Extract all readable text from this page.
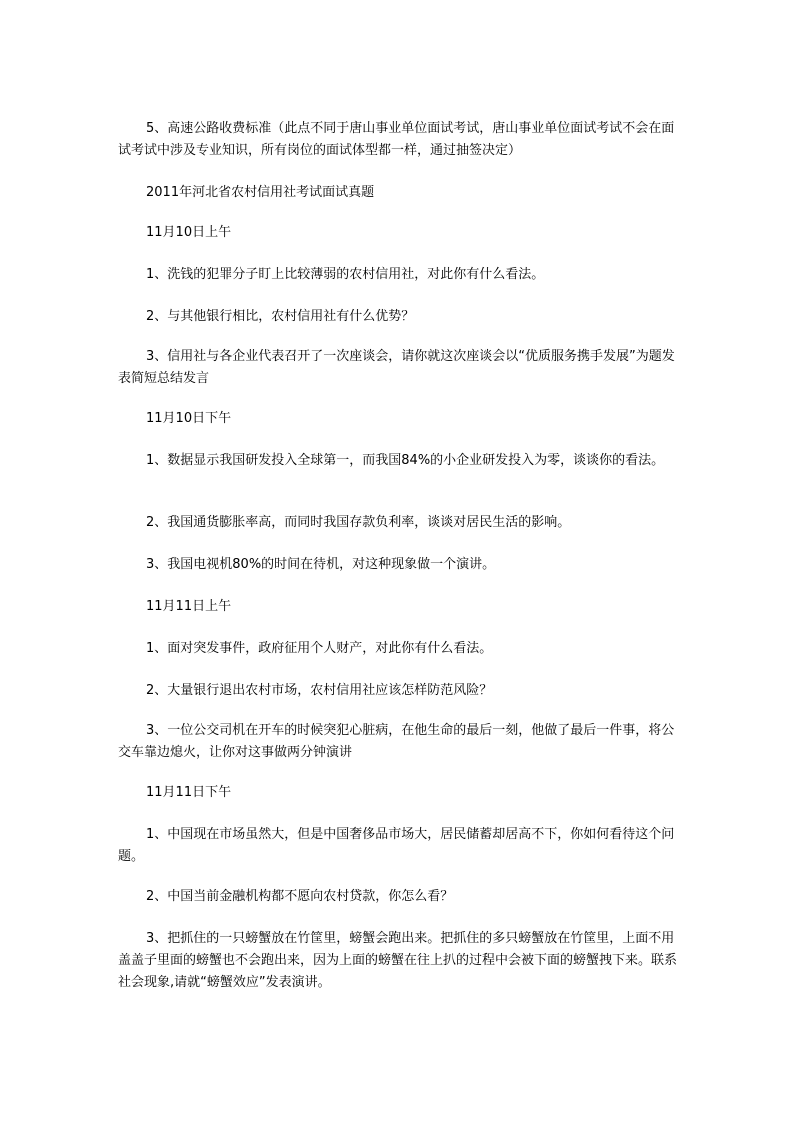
5、高速公路收费标准（此点不同于唐山事业单位面试考试，唐山事业单位面试考试不会在面试考试中涉及专业知识，所有岗位的面试体型都一样，通过抽签决定）

2011年河北省农村信用社考试面试真题

11月10日上午

1、洗钱的犯罪分子盯上比较薄弱的农村信用社，对此你有什么看法。

2、与其他银行相比，农村信用社有什么优势？

3、信用社与各企业代表召开了一次座谈会，请你就这次座谈会以“优质服务携手发展”为题发表简短总结发言

11月10日下午

1、数据显示我国研发投入全球第一，而我国84%的小企业研发投入为零，谈谈你的看法。

2、我国通货膨胀率高，而同时我国存款负利率，谈谈对居民生活的影响。

3、我国电视机80%的时间在待机，对这种现象做一个演讲。

11月11日上午

1、面对突发事件，政府征用个人财产，对此你有什么看法。

2、大量银行退出农村市场，农村信用社应该怎样防范风险？

3、一位公交司机在开车的时候突犯心脏病，在他生命的最后一刻，他做了最后一件事，将公交车靠边熄火，让你对这事做两分钟演讲

11月11日下午

1、中国现在市场虽然大，但是中国奢侈品市场大，居民储蓄却居高不下，你如何看待这个问题。

2、中国当前金融机构都不愿向农村贷款，你怎么看？

3、把抓住的一只螃蟹放在竹筐里，螃蟹会跑出来。把抓住的多只螃蟹放在竹筐里，上面不用盖盖子里面的螃蟹也不会跑出来，因为上面的螃蟹在往上扒的过程中会被下面的螃蟹拽下来。联系社会现象,请就“螃蟹效应”发表演讲。
